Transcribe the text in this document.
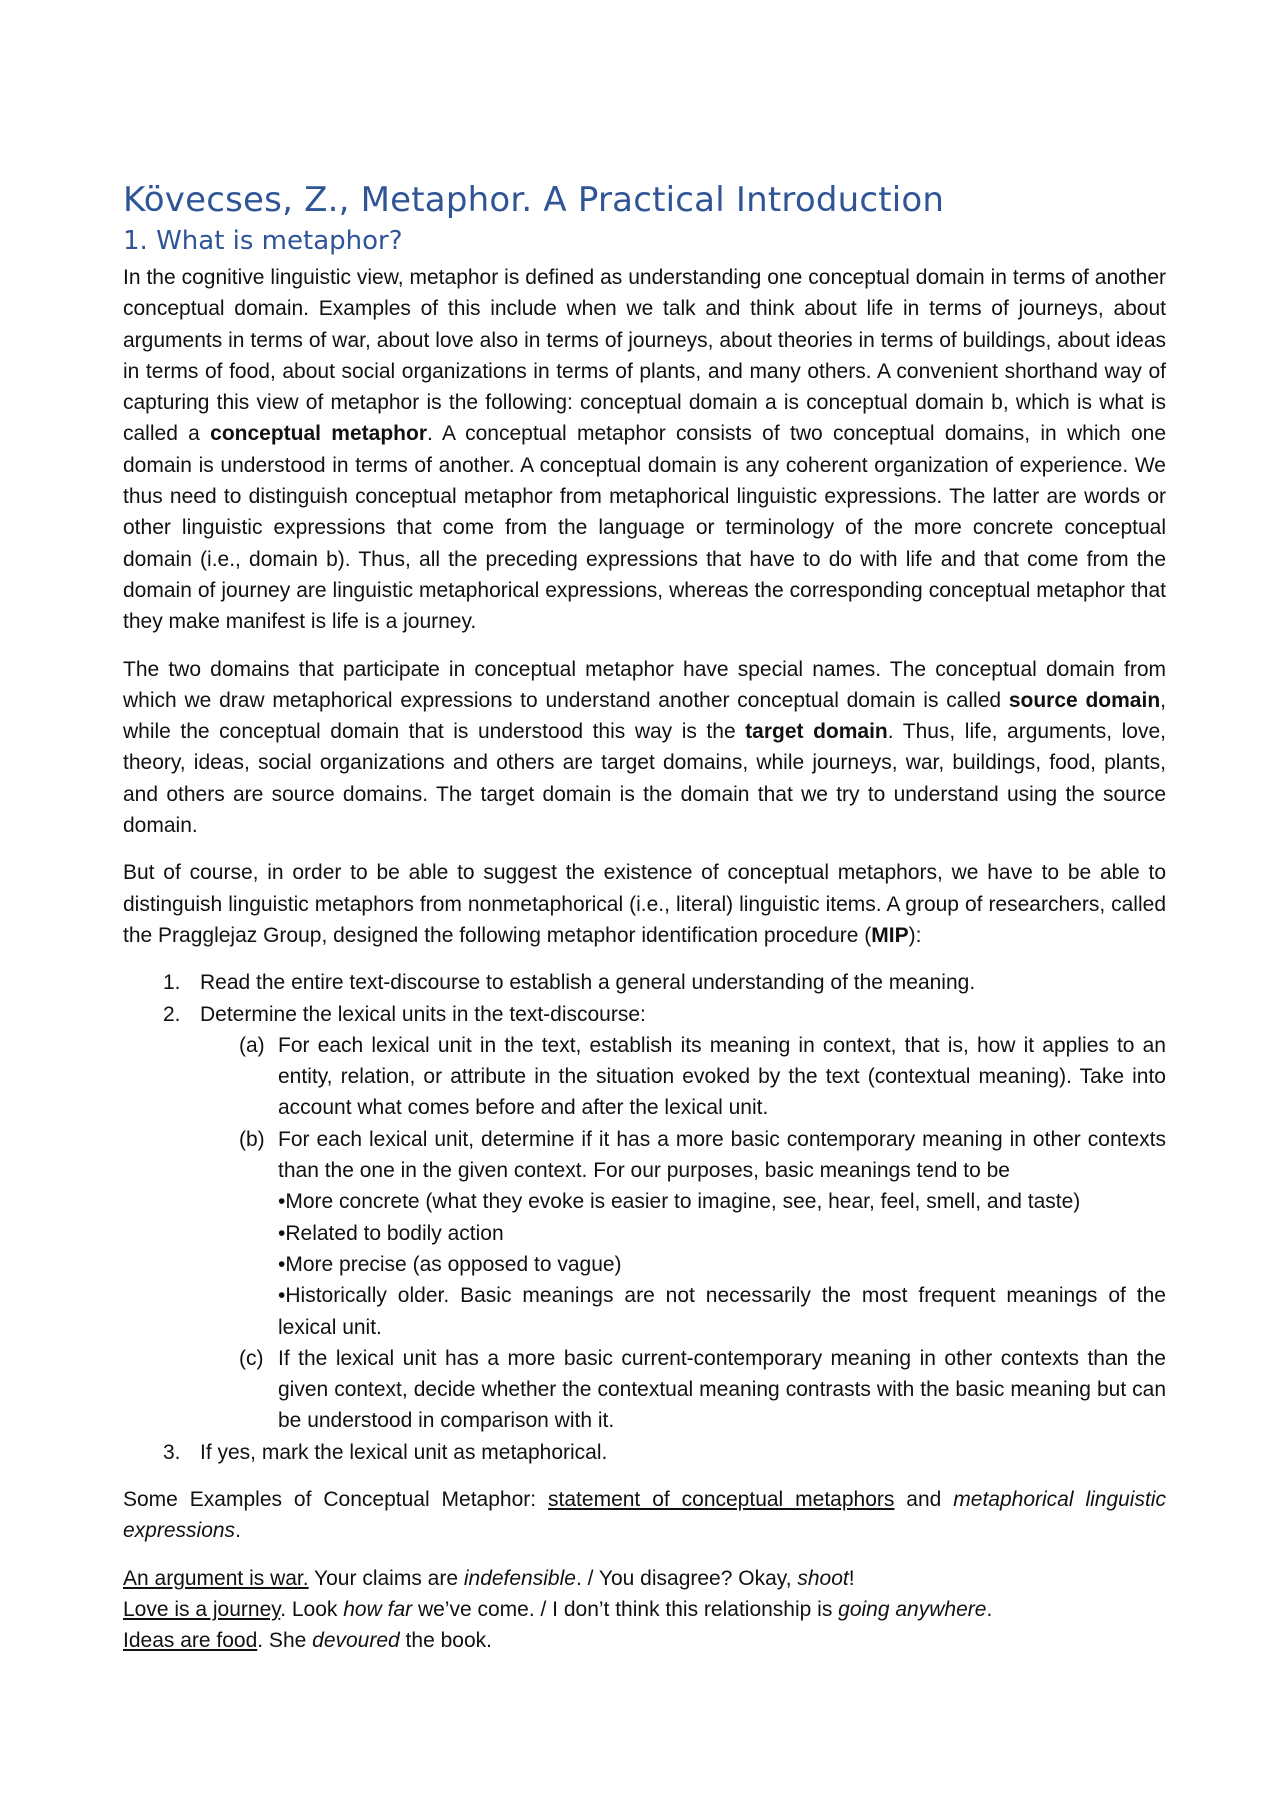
Kövecses, Z., Metaphor. A Practical Introduction
1. What is metaphor?

In the cognitive linguistic view, metaphor is defined as understanding one conceptual domain in terms of another conceptual domain. Examples of this include when we talk and think about life in terms of journeys, about arguments in terms of war, about love also in terms of journeys, about theories in terms of buildings, about ideas in terms of food, about social organizations in terms of plants, and many others. A convenient shorthand way of capturing this view of metaphor is the following: conceptual domain a is conceptual domain b, which is what is called a conceptual metaphor. A conceptual metaphor consists of two conceptual domains, in which one domain is understood in terms of another. A conceptual domain is any coherent organization of experience. We thus need to distinguish conceptual metaphor from metaphorical linguistic expressions. The latter are words or other linguistic expressions that come from the language or terminology of the more concrete conceptual domain (i.e., domain b). Thus, all the preceding expressions that have to do with life and that come from the domain of journey are linguistic metaphorical expressions, whereas the corresponding conceptual metaphor that they make manifest is life is a journey.

The two domains that participate in conceptual metaphor have special names. The conceptual domain from which we draw metaphorical expressions to understand another conceptual domain is called source domain, while the conceptual domain that is understood this way is the target domain. Thus, life, arguments, love, theory, ideas, social organizations and others are target domains, while journeys, war, buildings, food, plants, and others are source domains. The target domain is the domain that we try to understand using the source domain.

But of course, in order to be able to suggest the existence of conceptual metaphors, we have to be able to distinguish linguistic metaphors from nonmetaphorical (i.e., literal) linguistic items. A group of researchers, called the Pragglejaz Group, designed the following metaphor identification procedure (MIP):

1. Read the entire text-discourse to establish a general understanding of the meaning.
2. Determine the lexical units in the text-discourse:
(a) For each lexical unit in the text, establish its meaning in context, that is, how it applies to an entity, relation, or attribute in the situation evoked by the text (contextual meaning). Take into account what comes before and after the lexical unit.
(b) For each lexical unit, determine if it has a more basic contemporary meaning in other contexts than the one in the given context. For our purposes, basic meanings tend to be
• More concrete (what they evoke is easier to imagine, see, hear, feel, smell, and taste)
• Related to bodily action
• More precise (as opposed to vague)
• Historically older. Basic meanings are not necessarily the most frequent meanings of the lexical unit.
(c) If the lexical unit has a more basic current-contemporary meaning in other contexts than the given context, decide whether the contextual meaning contrasts with the basic meaning but can be understood in comparison with it.
3. If yes, mark the lexical unit as metaphorical.

Some Examples of Conceptual Metaphor: statement of conceptual metaphors and metaphorical linguistic expressions.

An argument is war. Your claims are indefensible. / You disagree? Okay, shoot!

Love is a journey. Look how far we’ve come. / I don’t think this relationship is going anywhere.

Ideas are food. She devoured the book.
